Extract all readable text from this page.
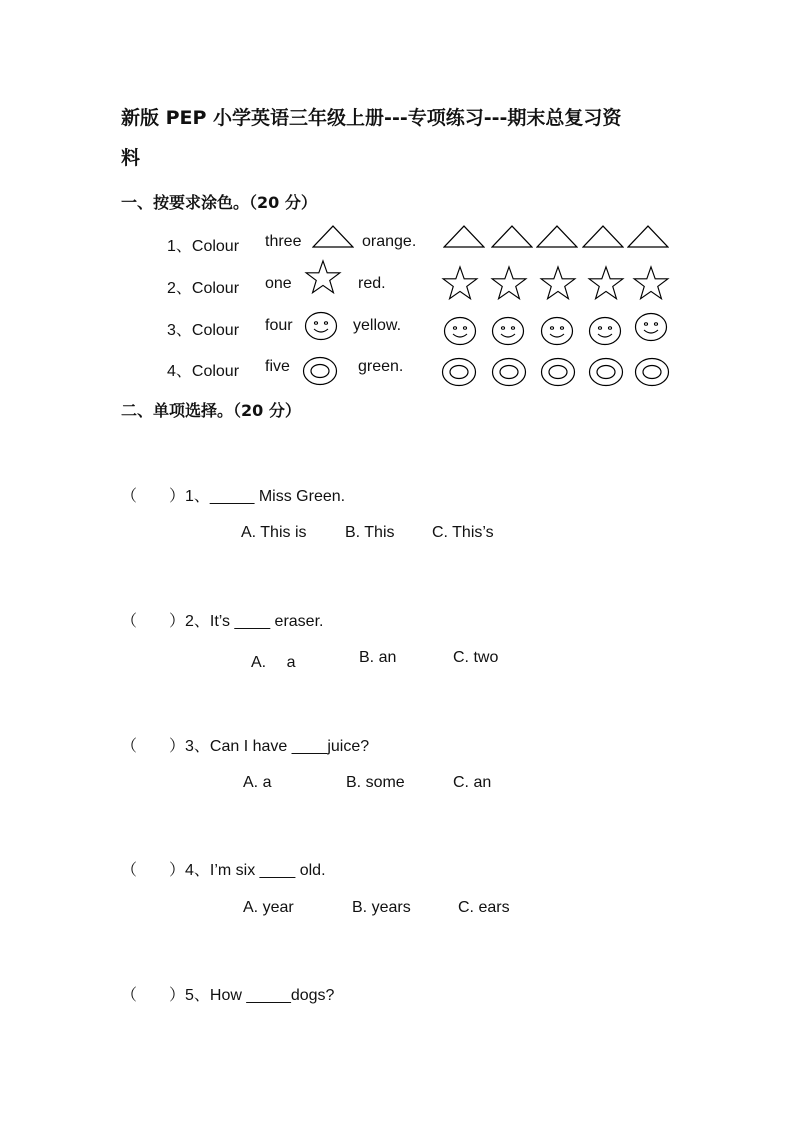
新版 PEP 小学英语三年级上册---专项练习---期末总复习资
料
一、按要求涂色。（20 分）
1、Colour three	orange.
2、Colour one	red.
3、Colour four	yellow.
4、Colour five	green.
二、单项选择。（20 分）
（　　） 1、_____ Miss Green.
A. This is B. This C. This’s
（　　） 2、It’s ____ eraser.
A.　 a	B. an	C. two
（　　） 3、Can I have ____juice?
A. a	B. some	C. an
（　　） 4、I’m six ____ old.
A. year	B. years	C. ears
（　　） 5、How _____dogs?
